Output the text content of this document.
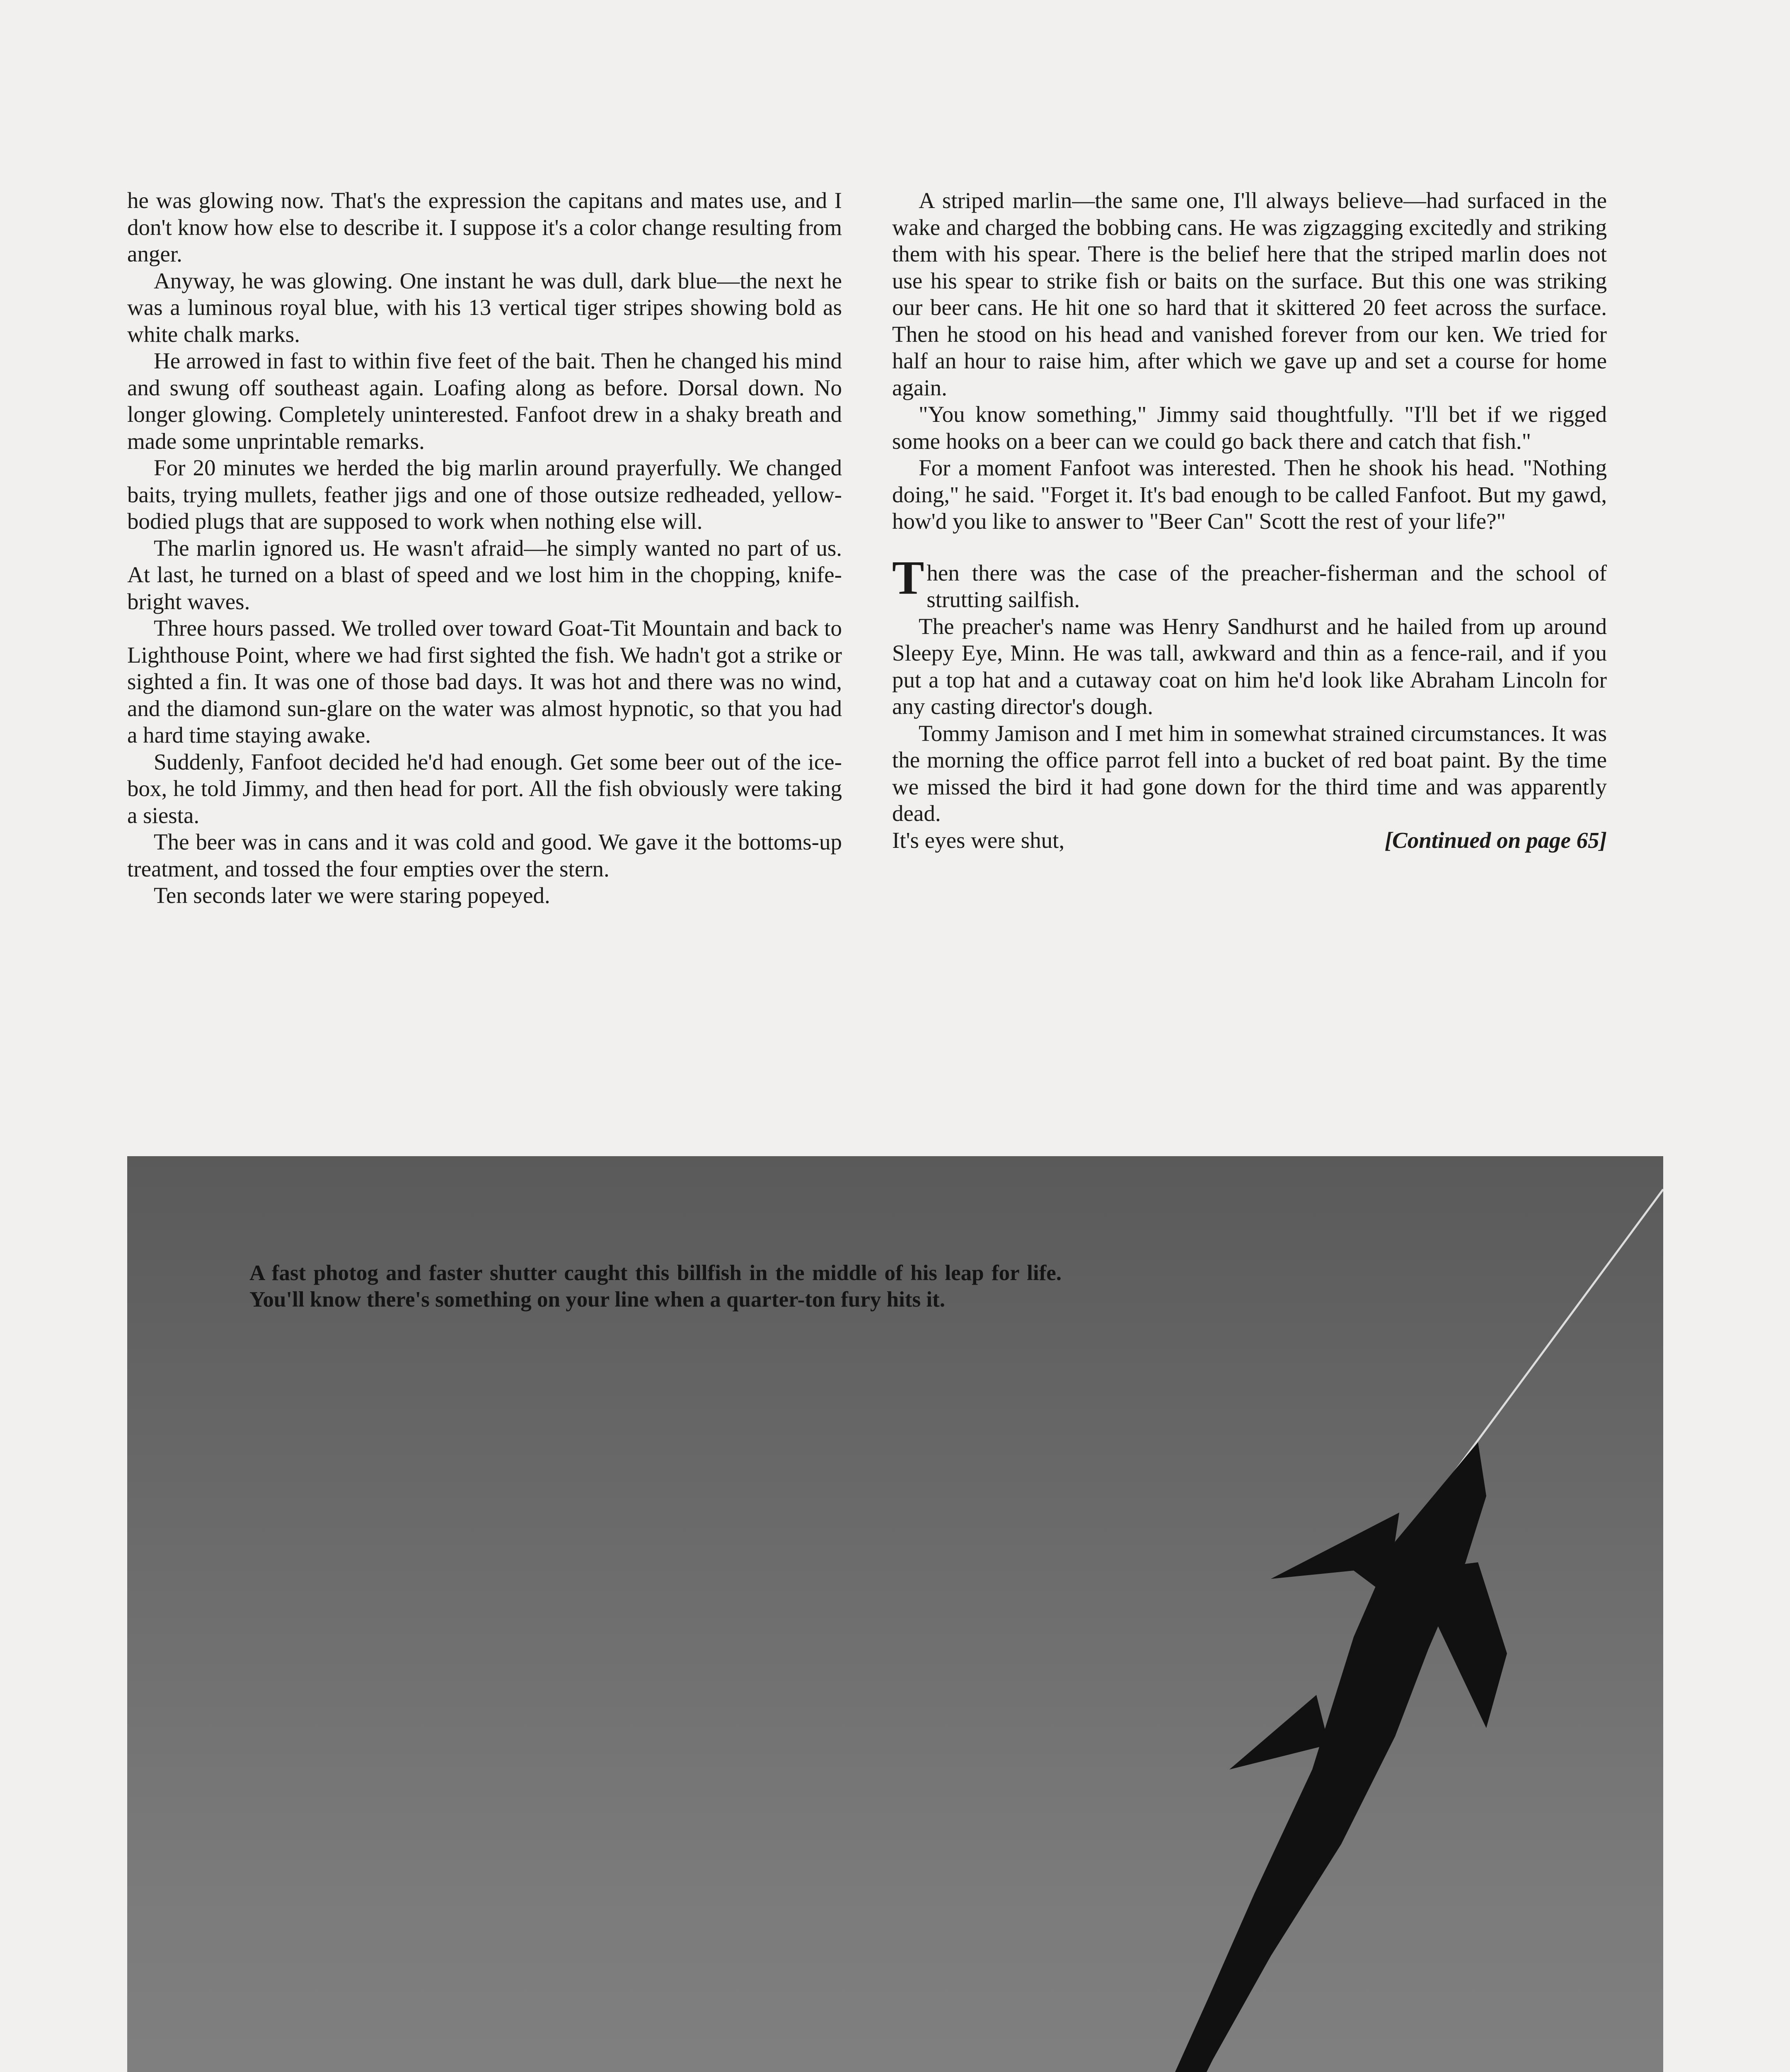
he was glowing now. That's the expression the capitans and mates use, and I don't know how else to describe it. I suppose it's a color change resulting from anger.

Anyway, he was glowing. One instant he was dull, dark blue—the next he was a luminous royal blue, with his 13 vertical tiger stripes showing bold as white chalk marks.

He arrowed in fast to within five feet of the bait. Then he changed his mind and swung off southeast again. Loafing along as before. Dorsal down. No longer glowing. Completely uninterested. Fanfoot drew in a shaky breath and made some unprintable remarks.

For 20 minutes we herded the big marlin around prayerfully. We changed baits, trying mullets, feather jigs and one of those outsize redheaded, yellow-bodied plugs that are supposed to work when nothing else will.

The marlin ignored us. He wasn't afraid—he simply wanted no part of us. At last, he turned on a blast of speed and we lost him in the chopping, knife-bright waves.

Three hours passed. We trolled over toward Goat-Tit Mountain and back to Lighthouse Point, where we had first sighted the fish. We hadn't got a strike or sighted a fin. It was one of those bad days. It was hot and there was no wind, and the diamond sun-glare on the water was almost hypnotic, so that you had a hard time staying awake.

Suddenly, Fanfoot decided he'd had enough. Get some beer out of the ice-box, he told Jimmy, and then head for port. All the fish obviously were taking a siesta.

The beer was in cans and it was cold and good. We gave it the bottoms-up treatment, and tossed the four empties over the stern.

Ten seconds later we were staring popeyed.

A striped marlin—the same one, I'll always believe—had surfaced in the wake and charged the bobbing cans. He was zigzagging excitedly and striking them with his spear. There is the belief here that the striped marlin does not use his spear to strike fish or baits on the surface. But this one was striking our beer cans. He hit one so hard that it skittered 20 feet across the surface. Then he stood on his head and vanished forever from our ken. We tried for half an hour to raise him, after which we gave up and set a course for home again.

"You know something," Jimmy said thoughtfully. "I'll bet if we rigged some hooks on a beer can we could go back there and catch that fish."

For a moment Fanfoot was interested. Then he shook his head. "Nothing doing," he said. "Forget it. It's bad enough to be called Fanfoot. But my gawd, how'd you like to answer to "Beer Can" Scott the rest of your life?"

Then there was the case of the preacher-fisherman and the school of strutting sailfish.

The preacher's name was Henry Sandhurst and he hailed from up around Sleepy Eye, Minn. He was tall, awkward and thin as a fence-rail, and if you put a top hat and a cutaway coat on him he'd look like Abraham Lincoln for any casting director's dough.

Tommy Jamison and I met him in somewhat strained circumstances. It was the morning the office parrot fell into a bucket of red boat paint. By the time we missed the bird it had gone down for the third time and was apparently dead.

It's eyes were shut,	[Continued on page 65]
A fast photog and faster shutter caught this billfish in the middle of his leap for life. You'll know there's something on your line when a quarter-ton fury hits it.
